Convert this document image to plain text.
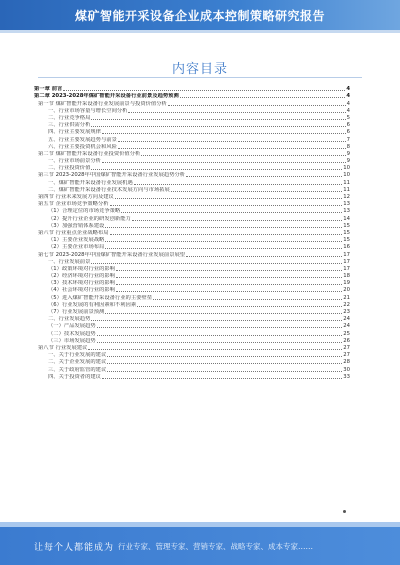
煤矿智能开采设备企业成本控制策略研究报告
内容目录
第一章 前言	4
第二章 2023-2028年煤矿智能开采设备行业前景及趋势预测	4
第一节 煤矿智能开采设备行业发展前景与投资价值分析	4
一、行业市场容量与增长空间分析	4
二、行业竞争格局	5
三、行业供需分析	6
四、行业主要发展规律	6
五、行业主要发展趋势与前景	7
六、行业主要投资机会和风险	8
第二节 煤矿智能开采设备行业投资价值分析	9
一、行业市场前景分析	9
二、行业投资价值	10
第三节 2023-2028年中国煤矿智能开采设备行业发展趋势分析	10
一、煤矿智能开采设备行业发展机遇	11
二、煤矿智能开采设备行业技术发展方向与市场拓展	11
第四节 行业未来发展方向及建议	12
第五节 企业市场竞争策略分析	13
（1）合理定位的市场竞争策略	13
（2）提升行业企业的研发创新能力	14
（3）加强营销体系建设	15
第六节 行业重点企业战略布局	15
（1）主要企业发展战略	15
（2）主要企业市场布局	16
第七节 2023-2028年中国煤矿智能开采设备行业发展前景展望	17
一、行业发展前景	17
（1）政策环境对行业的影响	17
（2）经济环境对行业的影响	18
（3）技术环境对行业的影响	19
（4）社会环境对行业的影响	20
（5）进入煤矿智能开采设备行业的主要壁垒	21
（6）行业发展的有利因素和不利因素	22
（7）行业发展前景预测	23
二、行业发展趋势	24
（一）产品发展趋势	24
（二）技术发展趋势	25
（三）市场发展趋势	26
第八节 行业发展建议	27
一、关于行业发展的建议	27
二、关于企业发展的建议	28
三、关于政府监管的建议	30
四、关于投资者的建议	33
让每个人都能成为 行业专家、管理专家、营销专家、战略专家、成本专家……
